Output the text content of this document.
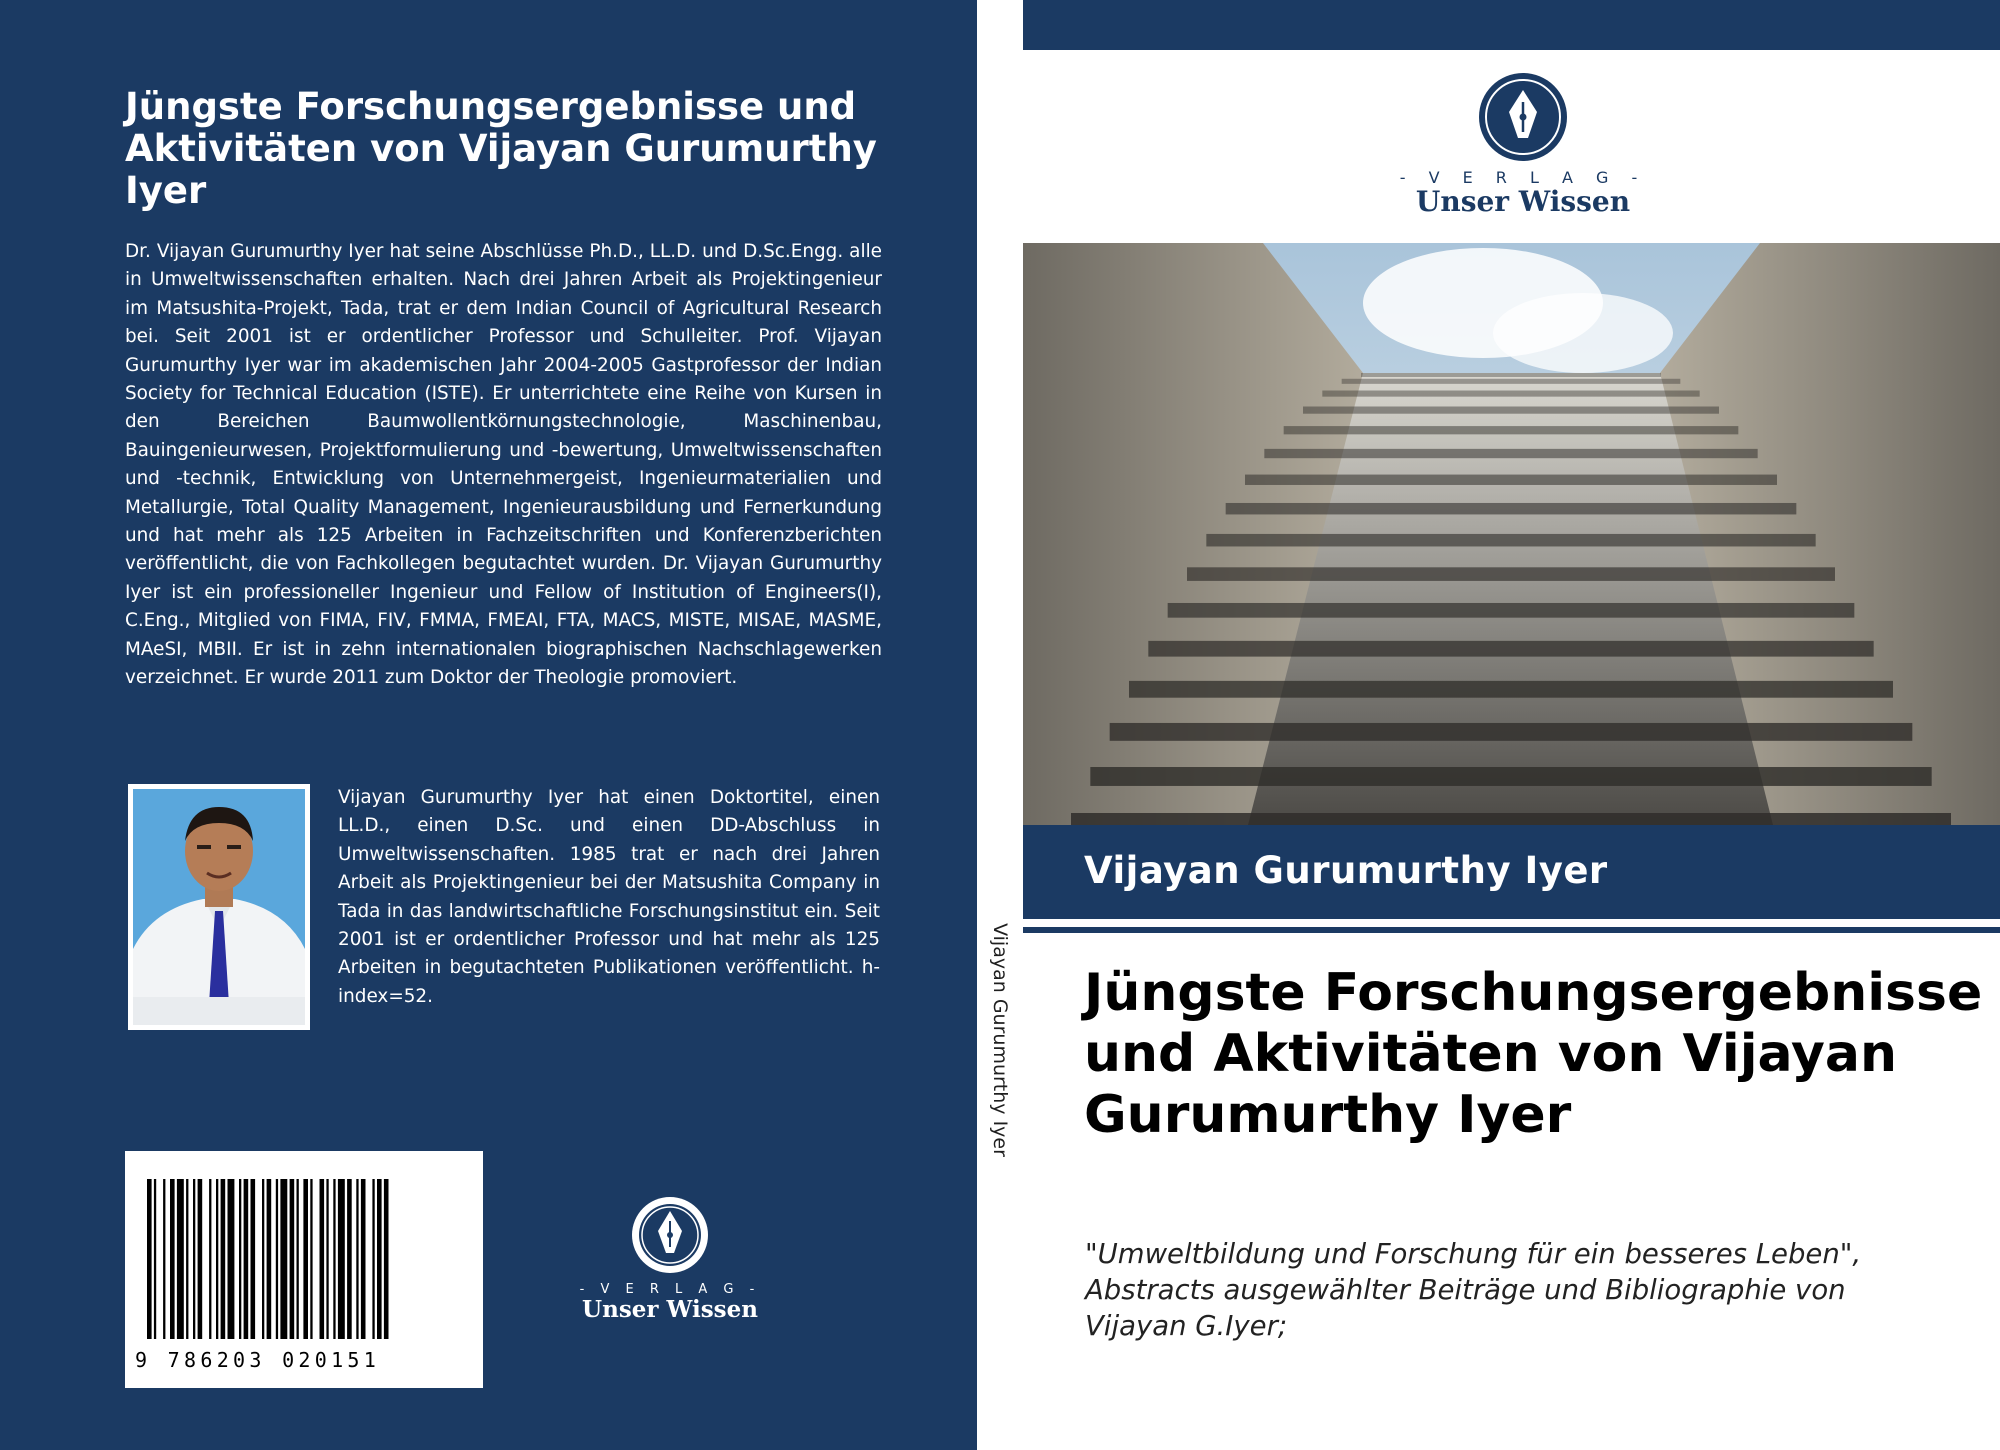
Jüngste Forschungsergebnisse und Aktivitäten von Vijayan Gurumurthy Iyer

Dr. Vijayan Gurumurthy Iyer hat seine Abschlüsse Ph.D., LL.D. und D.Sc.Engg. alle in Umweltwissenschaften erhalten. Nach drei Jahren Arbeit als Projektingenieur im Matsushita-Projekt, Tada, trat er dem Indian Council of Agricultural Research bei. Seit 2001 ist er ordentlicher Professor und Schulleiter. Prof. Vijayan Gurumurthy Iyer war im akademischen Jahr 2004-2005 Gastprofessor der Indian Society for Technical Education (ISTE). Er unterrichtete eine Reihe von Kursen in den Bereichen Baumwollentkörnungstechnologie, Maschinenbau, Bauingenieurwesen, Projektformulierung und -bewertung, Umweltwissenschaften und -technik, Entwicklung von Unternehmergeist, Ingenieurmaterialien und Metallurgie, Total Quality Management, Ingenieurausbildung und Fernerkundung und hat mehr als 125 Arbeiten in Fachzeitschriften und Konferenzberichten veröffentlicht, die von Fachkollegen begutachtet wurden. Dr. Vijayan Gurumurthy Iyer ist ein professioneller Ingenieur und Fellow of Institution of Engineers(I), C.Eng., Mitglied von FIMA, FIV, FMMA, FMEAI, FTA, MACS, MISTE, MISAE, MASME, MAeSI, MBII. Er ist in zehn internationalen biographischen Nachschlagewerken verzeichnet. Er wurde 2011 zum Doktor der Theologie promoviert.

Vijayan Gurumurthy Iyer hat einen Doktortitel, einen LL.D., einen D.Sc. und einen DD-Abschluss in Umweltwissenschaften. 1985 trat er nach drei Jahren Arbeit als Projektingenieur bei der Matsushita Company in Tada in das landwirtschaftliche Forschungsinstitut ein. Seit 2001 ist er ordentlicher Professor und hat mehr als 125 Arbeiten in begutachteten Publikationen veröffentlicht. h-index=52.

9 786203 020151
- V E R L A G -
Unser Wissen
Vijayan Gurumurthy Iyer
- V E R L A G -
Unser Wissen
Vijayan Gurumurthy Iyer
Jüngste Forschungsergebnisse und Aktivitäten von Vijayan Gurumurthy Iyer

"Umweltbildung und Forschung für ein besseres Leben", Abstracts ausgewählter Beiträge und Bibliographie von Vijayan G.Iyer;
